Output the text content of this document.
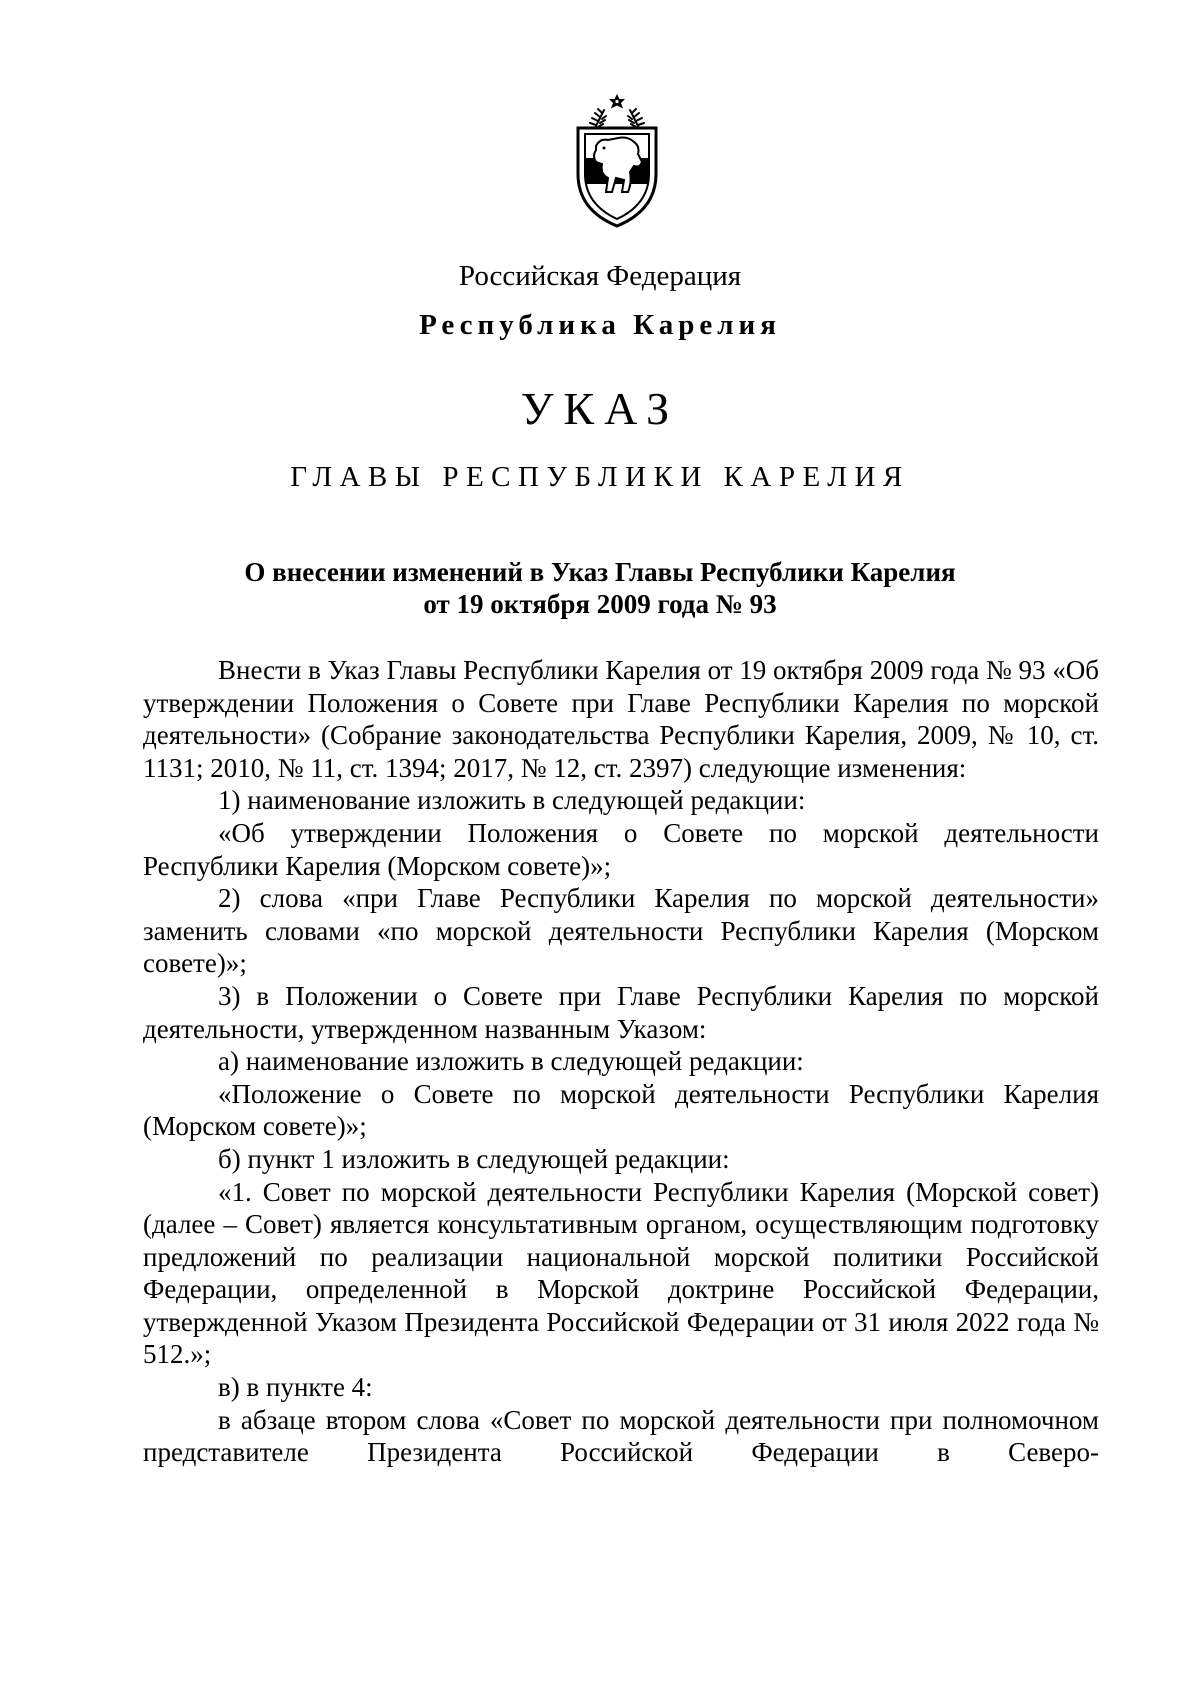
Российская Федерация
Республика Карелия
УКАЗ
ГЛАВЫ РЕСПУБЛИКИ КАРЕЛИЯ
О внесении изменений в Указ Главы Республики Карелия
от 19 октября 2009 года № 93

Внести в Указ Главы Республики Карелия от 19 октября 2009 года № 93 «Об утверждении Положения о Совете при Главе Республики Карелия по морской деятельности» (Собрание законодательства Республики Карелия, 2009, № 10, ст. 1131; 2010, № 11, ст. 1394; 2017, № 12, ст. 2397) следующие изменения:

1) наименование изложить в следующей редакции:

«Об утверждении Положения о Совете по морской деятельности Республики Карелия (Морском совете)»;

2) слова «при Главе Республики Карелия по морской деятельности» заменить словами «по морской деятельности Республики Карелия (Морском совете)»;

3) в Положении о Совете при Главе Республики Карелия по морской деятельности, утвержденном названным Указом:

а) наименование изложить в следующей редакции:

«Положение о Совете по морской деятельности Республики Карелия (Морском совете)»;

б) пункт 1 изложить в следующей редакции:

«1. Совет по морской деятельности Республики Карелия (Морской совет) (далее – Совет) является консультативным органом, осуществляющим подготовку предложений по реализации национальной морской политики Российской Федерации, определенной в Морской доктрине Российской Федерации, утвержденной Указом Президента Российской Федерации от 31 июля 2022 года № 512.»;

в) в пункте 4:

в абзаце втором слова «Совет по морской деятельности при полномочном представителе Президента Российской Федерации в Северо-
